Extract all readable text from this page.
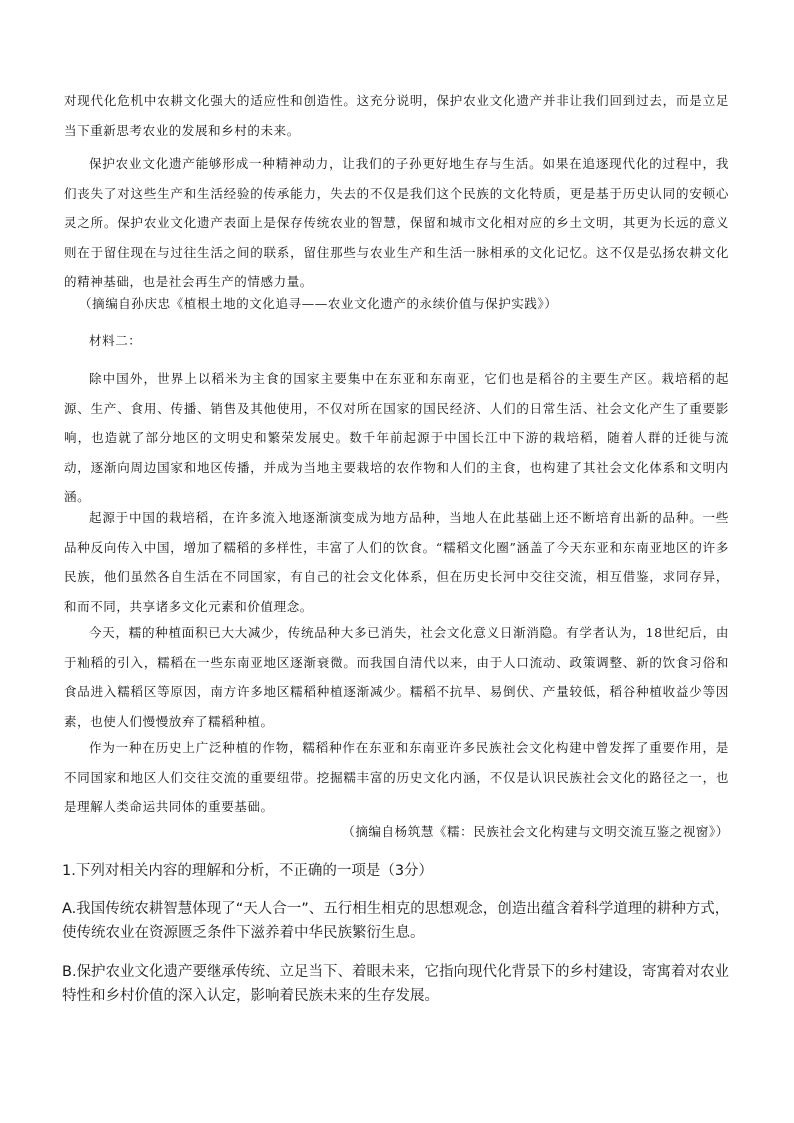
对现代化危机中农耕文化强大的适应性和创造性。这充分说明，保护农业文化遗产并非让我们回到过去，而是立足当下重新思考农业的发展和乡村的未来。
保护农业文化遗产能够形成一种精神动力，让我们的子孙更好地生存与生活。如果在追逐现代化的过程中，我们丧失了对这些生产和生活经验的传承能力，失去的不仅是我们这个民族的文化特质，更是基于历史认同的安顿心灵之所。保护农业文化遗产表面上是保存传统农业的智慧，保留和城市文化相对应的乡土文明，其更为长远的意义则在于留住现在与过往生活之间的联系，留住那些与农业生产和生活一脉相承的文化记忆。这不仅是弘扬农耕文化的精神基础，也是社会再生产的情感力量。
（摘编自孙庆忠《植根土地的文化追寻——农业文化遗产的永续价值与保护实践》）
材料二：
除中国外，世界上以稻米为主食的国家主要集中在东亚和东南亚，它们也是稻谷的主要生产区。栽培稻的起源、生产、食用、传播、销售及其他使用，不仅对所在国家的国民经济、人们的日常生活、社会文化产生了重要影响，也造就了部分地区的文明史和繁荣发展史。数千年前起源于中国长江中下游的栽培稻，随着人群的迁徙与流动，逐渐向周边国家和地区传播，并成为当地主要栽培的农作物和人们的主食，也构建了其社会文化体系和文明内涵。
起源于中国的栽培稻，在许多流入地逐渐演变成为地方品种，当地人在此基础上还不断培育出新的品种。一些品种反向传入中国，增加了糯稻的多样性，丰富了人们的饮食。“糯稻文化圈”涵盖了今天东亚和东南亚地区的许多民族，他们虽然各自生活在不同国家，有自己的社会文化体系，但在历史长河中交往交流，相互借鉴，求同存异，和而不同，共享诸多文化元素和价值理念。
今天，糯的种植面积已大大减少，传统品种大多已消失，社会文化意义日渐消隐。有学者认为，18世纪后，由于籼稻的引入，糯稻在一些东南亚地区逐渐衰微。而我国自清代以来，由于人口流动、政策调整、新的饮食习俗和食品进入糯稻区等原因，南方许多地区糯稻种植逐渐减少。糯稻不抗旱、易倒伏、产量较低，稻谷种植收益少等因素，也使人们慢慢放弃了糯稻种植。
作为一种在历史上广泛种植的作物，糯稻种作在东亚和东南亚许多民族社会文化构建中曾发挥了重要作用，是不同国家和地区人们交往交流的重要纽带。挖掘糯丰富的历史文化内涵，不仅是认识民族社会文化的路径之一，也是理解人类命运共同体的重要基础。
（摘编自杨筑慧《糯：民族社会文化构建与文明交流互鉴之视窗》）
1.下列对相关内容的理解和分析，不正确的一项是（3分）
A.我国传统农耕智慧体现了“天人合一”、五行相生相克的思想观念，创造出蕴含着科学道理的耕种方式，使传统农业在资源匮乏条件下滋养着中华民族繁衍生息。
B.保护农业文化遗产要继承传统、立足当下、着眼未来，它指向现代化背景下的乡村建设，寄寓着对农业特性和乡村价值的深入认定，影响着民族未来的生存发展。
